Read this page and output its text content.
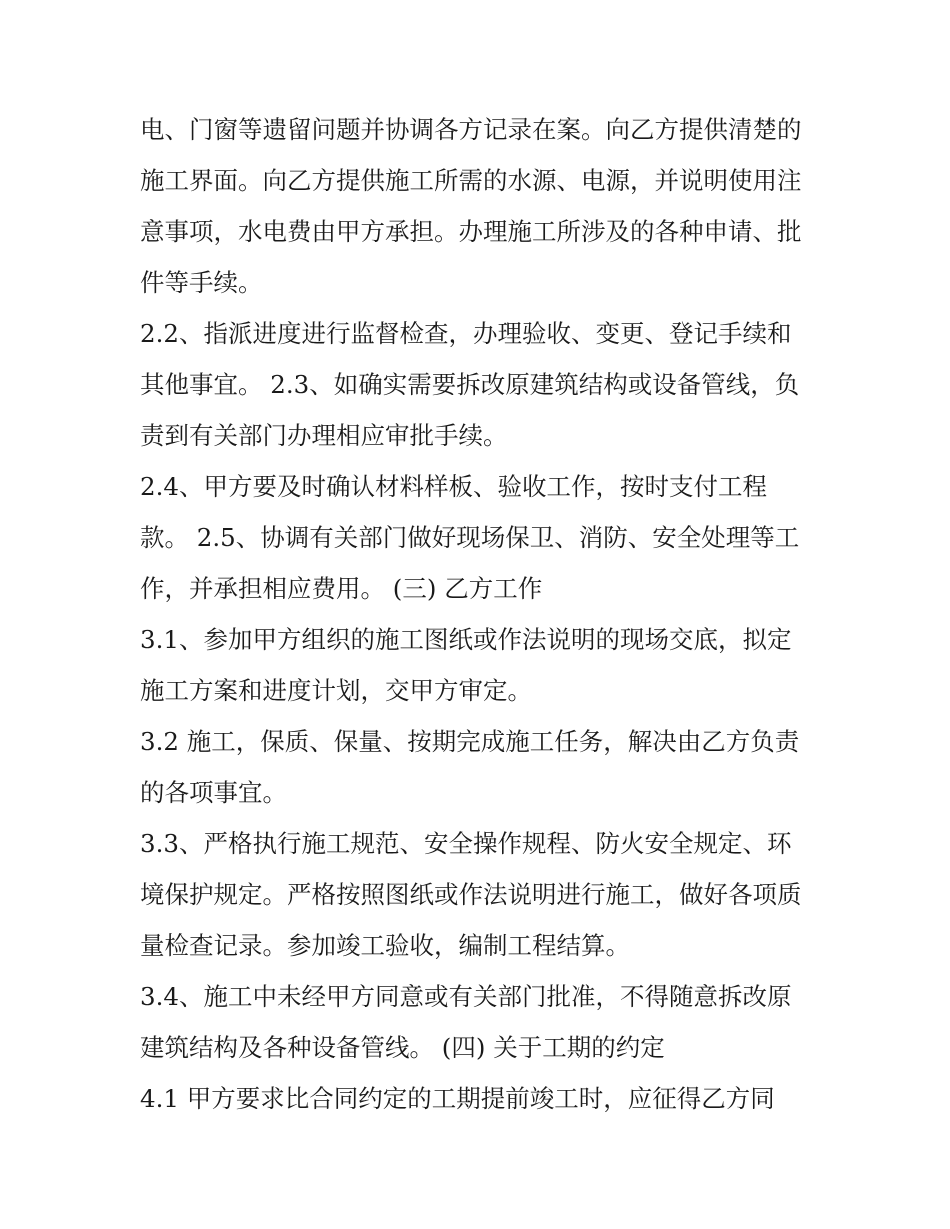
电、门窗等遗留问题并协调各方记录在案。向乙方提供清楚的
施工界面。向乙方提供施工所需的水源、电源，并说明使用注
意事项，水电费由甲方承担。办理施工所涉及的各种申请、批
件等手续。
2.2、指派进度进行监督检查，办理验收、变更、登记手续和
其他事宜。 2.3、如确实需要拆改原建筑结构或设备管线，负
责到有关部门办理相应审批手续。
2.4、甲方要及时确认材料样板、验收工作，按时支付工程
款。 2.5、协调有关部门做好现场保卫、消防、安全处理等工
作，并承担相应费用。 (三) 乙方工作
3.1、参加甲方组织的施工图纸或作法说明的现场交底，拟定
施工方案和进度计划，交甲方审定。
3.2 施工，保质、保量、按期完成施工任务，解决由乙方负责
的各项事宜。
3.3、严格执行施工规范、安全操作规程、防火安全规定、环
境保护规定。严格按照图纸或作法说明进行施工，做好各项质
量检查记录。参加竣工验收，编制工程结算。
3.4、施工中未经甲方同意或有关部门批准，不得随意拆改原
建筑结构及各种设备管线。 (四) 关于工期的约定
4.1 甲方要求比合同约定的工期提前竣工时，应征得乙方同
